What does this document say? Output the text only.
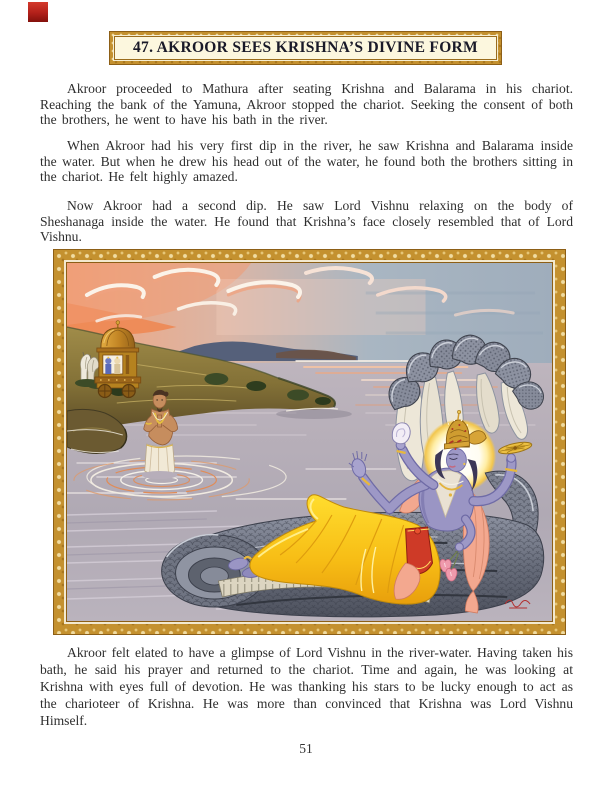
47. AKROOR SEES KRISHNA’S DIVINE FORM

Akroor proceeded to Mathura after seating Krishna and Balarama in his chariot. Reaching the bank of the Yamuna, Akroor stopped the chariot. Seeking the consent of both the brothers, he went to have his bath in the river.

When Akroor had his very first dip in the river, he saw Krishna and Balarama inside the water. But when he drew his head out of the water, he found both the brothers sitting in the chariot. He felt highly amazed.

Now Akroor had a second dip. He saw Lord Vishnu relaxing on the body of Sheshanaga inside the water. He found that Krishna’s face closely resembled that of Lord Vishnu.

Akroor felt elated to have a glimpse of Lord Vishnu in the river-water. Having taken his bath, he said his prayer and returned to the chariot. Time and again, he was looking at Krishna with eyes full of devotion. He was thanking his stars to be lucky enough to act as the charioteer of Krishna. He was more than convinced that Krishna was Lord Vishnu Himself.

51
